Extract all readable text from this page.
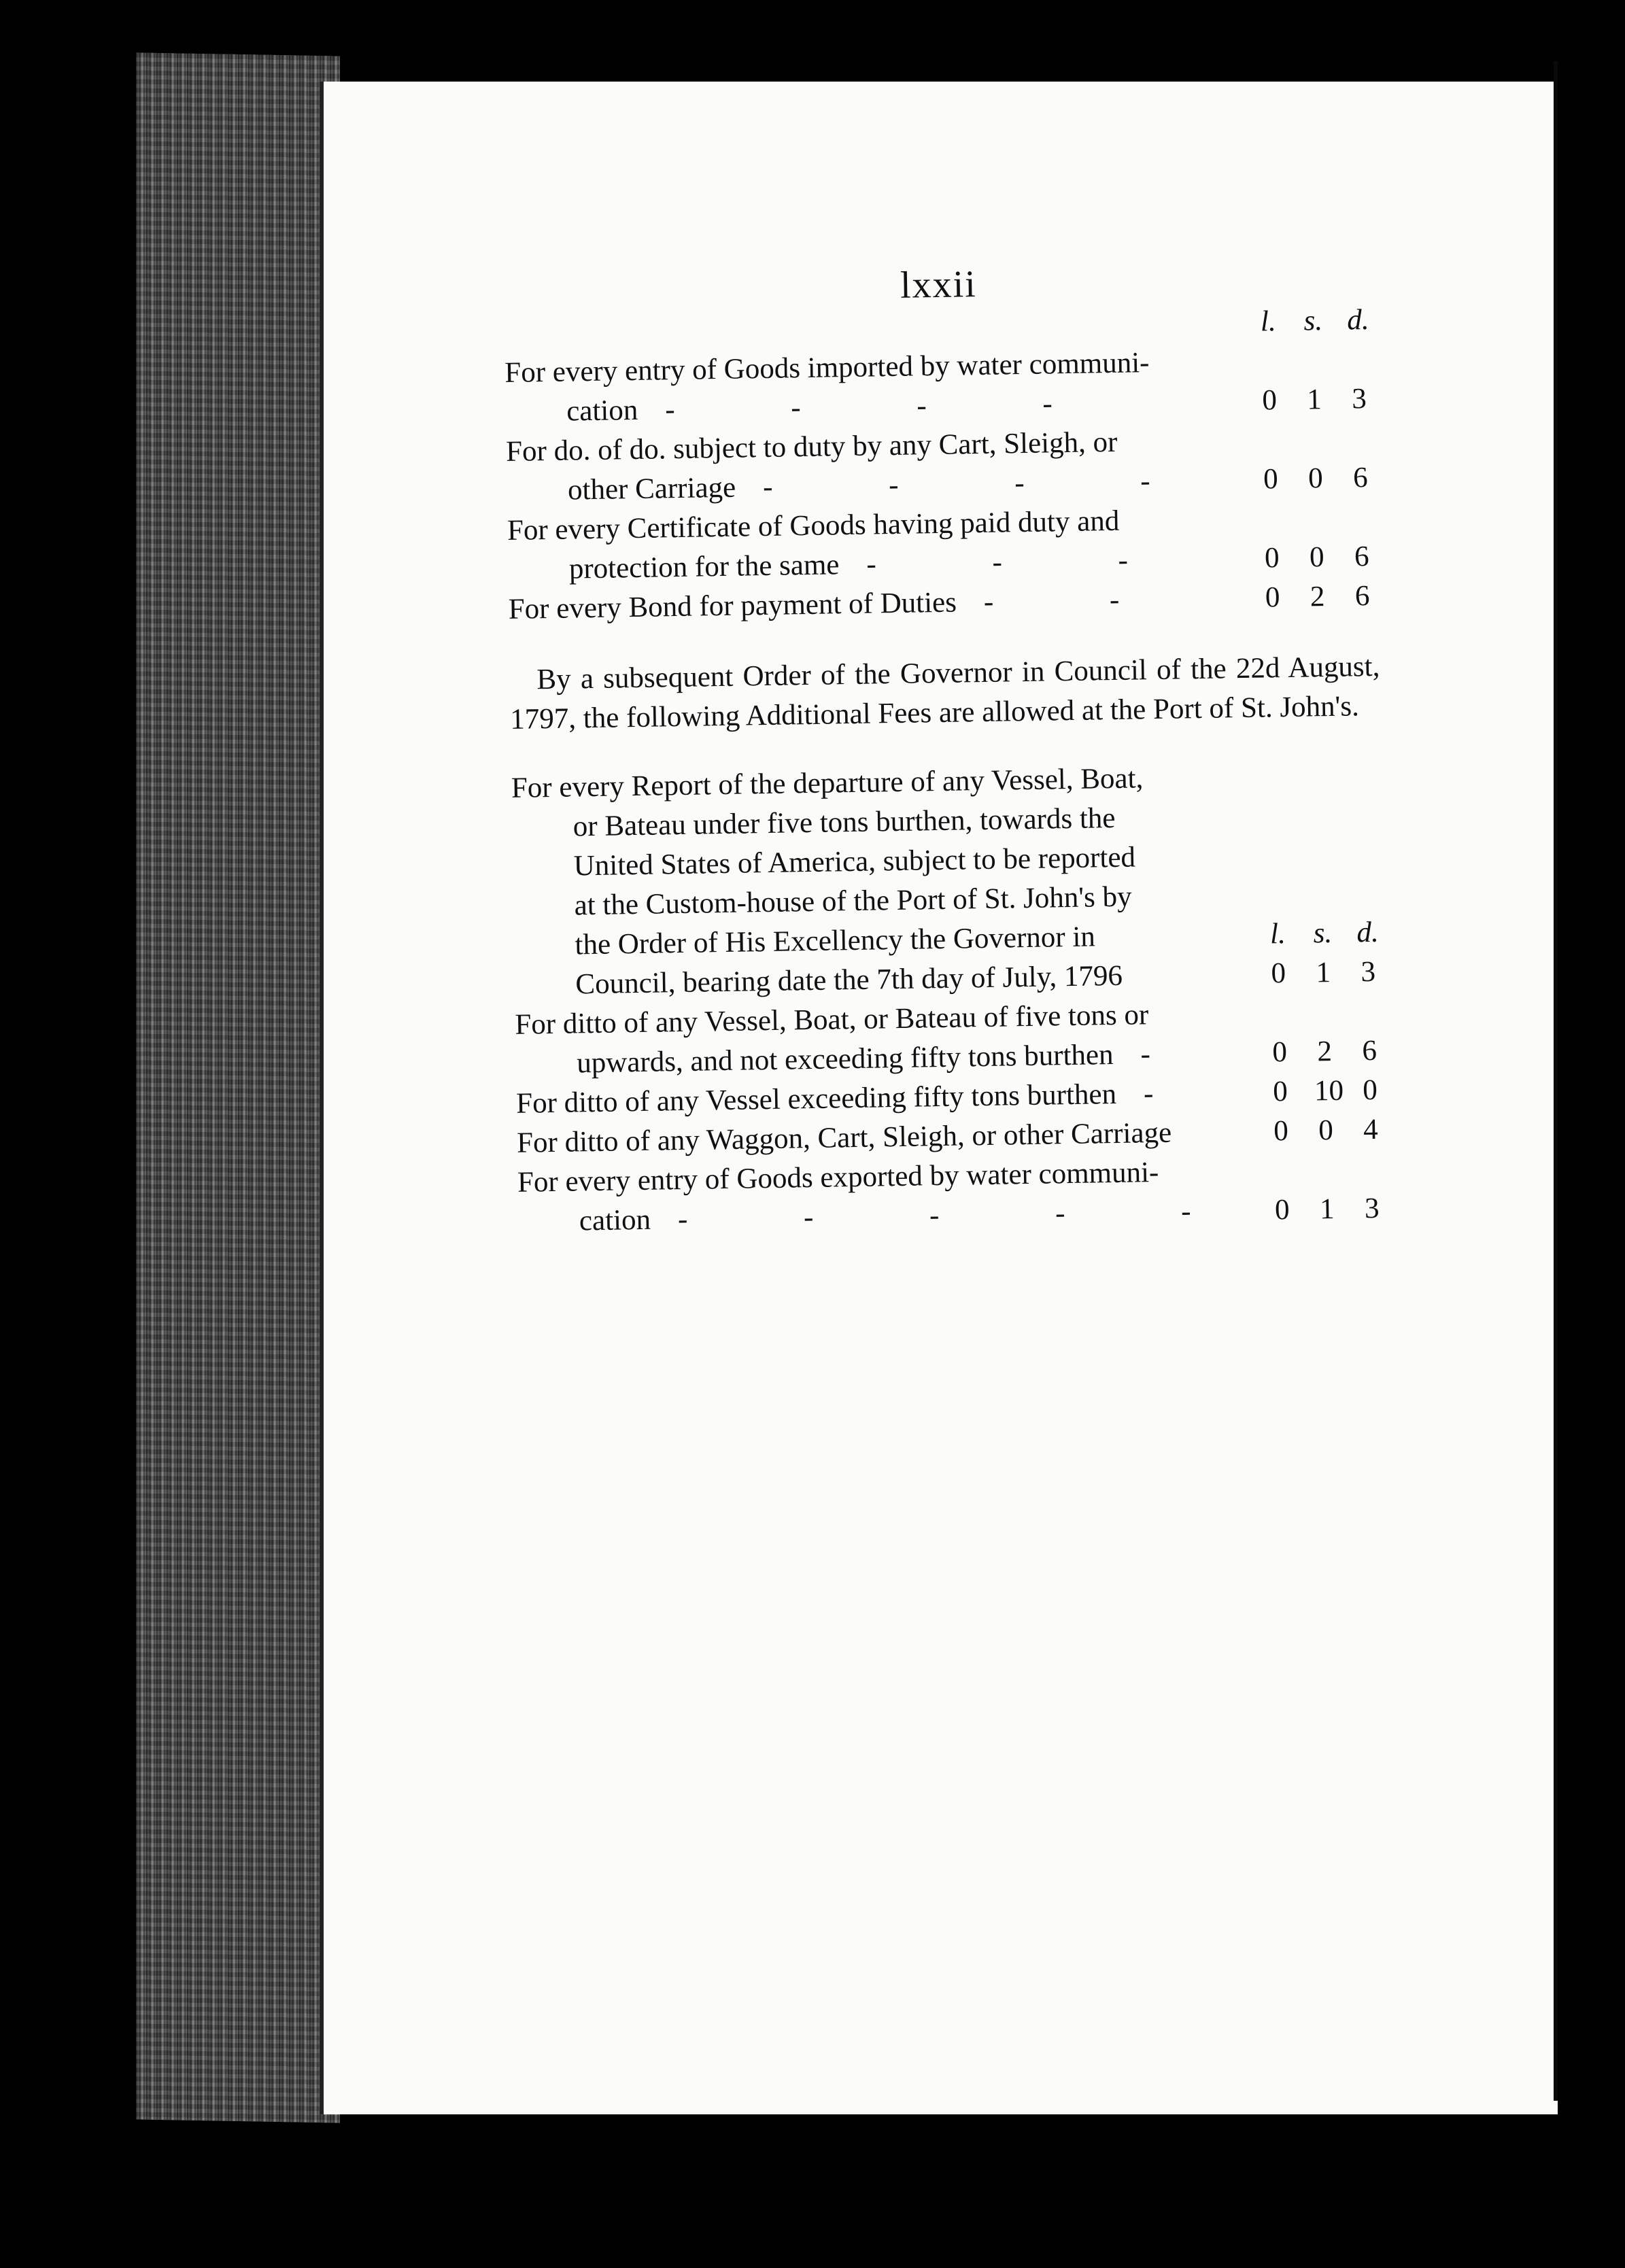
lxxii
l. s. d.
For every entry of Goods imported by water communi-
cation - - - -	0 1 3
For do. of do. subject to duty by any Cart, Sleigh, or
other Carriage - - - -	0 0 6
For every Certificate of Goods having paid duty and
protection for the same - - -	0 0 6
For every Bond for payment of Duties - -	0 2 6

By a subsequent Order of the Governor in Council of the 22d August, 1797, the following Additional Fees are allowed at the Port of St. John's.

For every Report of the departure of any Vessel, Boat,
or Bateau under five tons burthen, towards the
United States of America, subject to be reported
at the Custom-house of the Port of St. John's by
the Order of His Excellency the Governor in
Council, bearing date the 7th day of July, 1796
l. s. d.
0 1 3
For ditto of any Vessel, Boat, or Bateau of five tons or
upwards, and not exceeding fifty tons burthen -	0 2 6
For ditto of any Vessel exceeding fifty tons burthen -	0 10 0
For ditto of any Waggon, Cart, Sleigh, or other Carriage	0 0 4
For every entry of Goods exported by water communi-
cation - - - - - 0 1 3
